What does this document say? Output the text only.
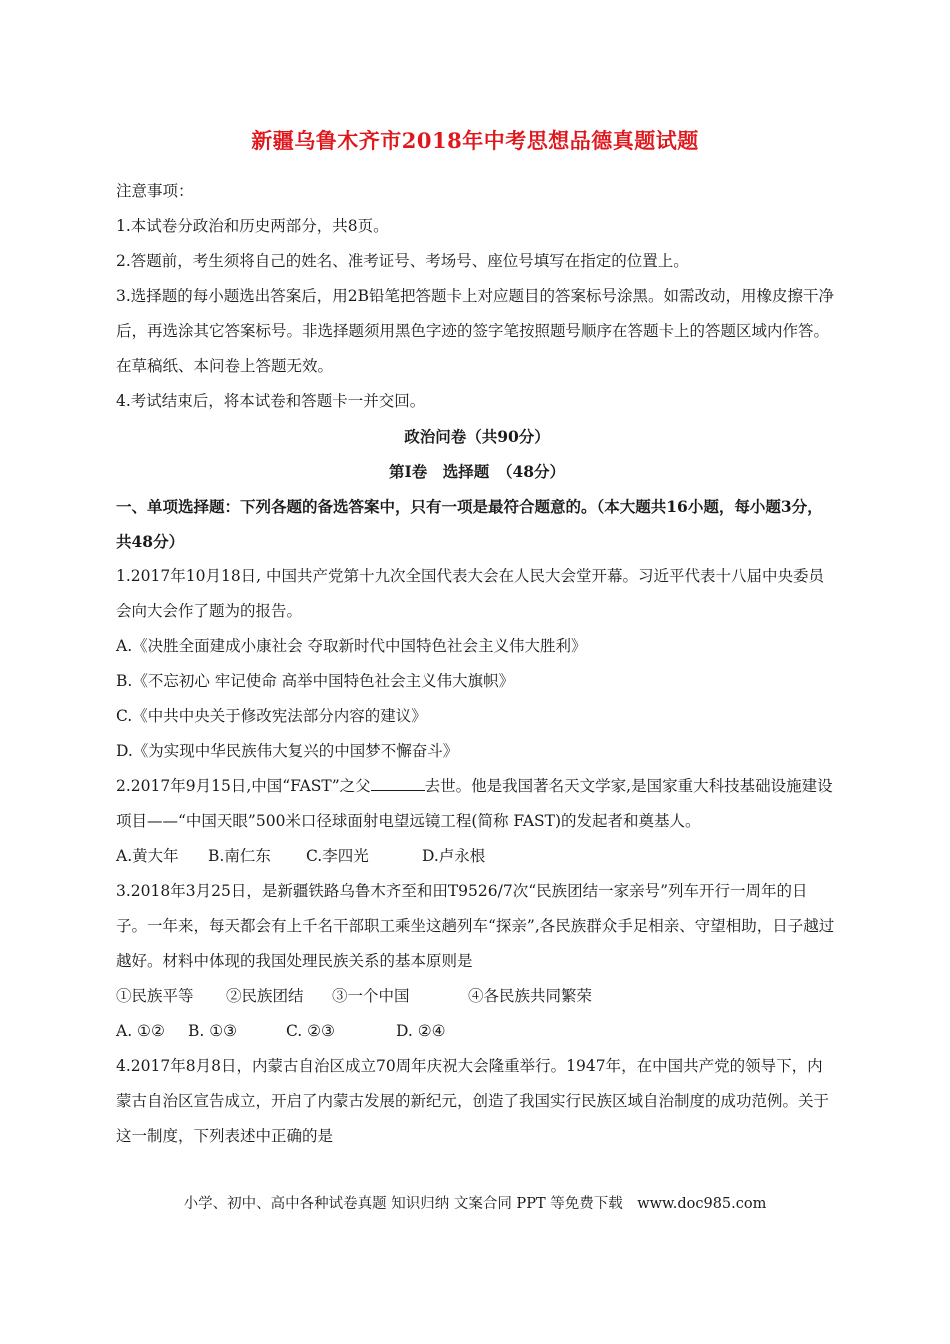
新疆乌鲁木齐市2018年中考思想品德真题试题

注意事项：

1.本试卷分政治和历史两部分，共8页。

2.答题前，考生须将自己的姓名、准考证号、考场号、座位号填写在指定的位置上。

3.选择题的每小题选出答案后，用2B铅笔把答题卡上对应题目的答案标号涂黑。如需改动，用橡皮擦干净后，再选涂其它答案标号。非选择题须用黑色字迹的签字笔按照题号顺序在答题卡上的答题区域内作答。在草稿纸、本问卷上答题无效。

4.考试结束后，将本试卷和答题卡一并交回。

政治问卷（共90分）

第Ⅰ卷　选择题　（48分）

一、单项选择题：下列各题的备选答案中，只有一项是最符合题意的。（本大题共16小题，每小题3分，共48分）

1.2017年10月18日, 中国共产党第十九次全国代表大会在人民大会堂开幕。习近平代表十八届中央委员会向大会作了题为的报告。

A.《决胜全面建成小康社会 夺取新时代中国特色社会主义伟大胜利》

B.《不忘初心 牢记使命 高举中国特色社会主义伟大旗帜》

C.《中共中央关于修改宪法部分内容的建议》

D.《为实现中华民族伟大复兴的中国梦不懈奋斗》

2.2017年9月15日,中国“FAST”之父	去世。他是我国著名天文学家,是国家重大科技基础设施建设项目——“中国天眼”500米口径球面射电望远镜工程(简称 FAST)的发起者和奠基人。

A.黄大年 B.南仁东 C.李四光	D.卢永根

3.2018年3月25日，是新疆铁路乌鲁木齐至和田T9526/7次“民族团结一家亲号”列车开行一周年的日子。一年来，每天都会有上千名干部职工乘坐这趟列车“探亲”,各民族群众手足相亲、守望相助，日子越过越好。材料中体现的我国处理民族关系的基本原则是

①民族平等 ②民族团结 ③一个中国	④各民族共同繁荣

A. ①② B. ①③	C. ②③	D. ②④

4.2017年8月8日，内蒙古自治区成立70周年庆祝大会隆重举行。1947年，在中国共产党的领导下，内蒙古自治区宣告成立，开启了内蒙古发展的新纪元，创造了我国实行民族区域自治制度的成功范例。关于这一制度，下列表述中正确的是

小学、初中、高中各种试卷真题 知识归纳 文案合同 PPT 等免费下载　www.doc985.com
